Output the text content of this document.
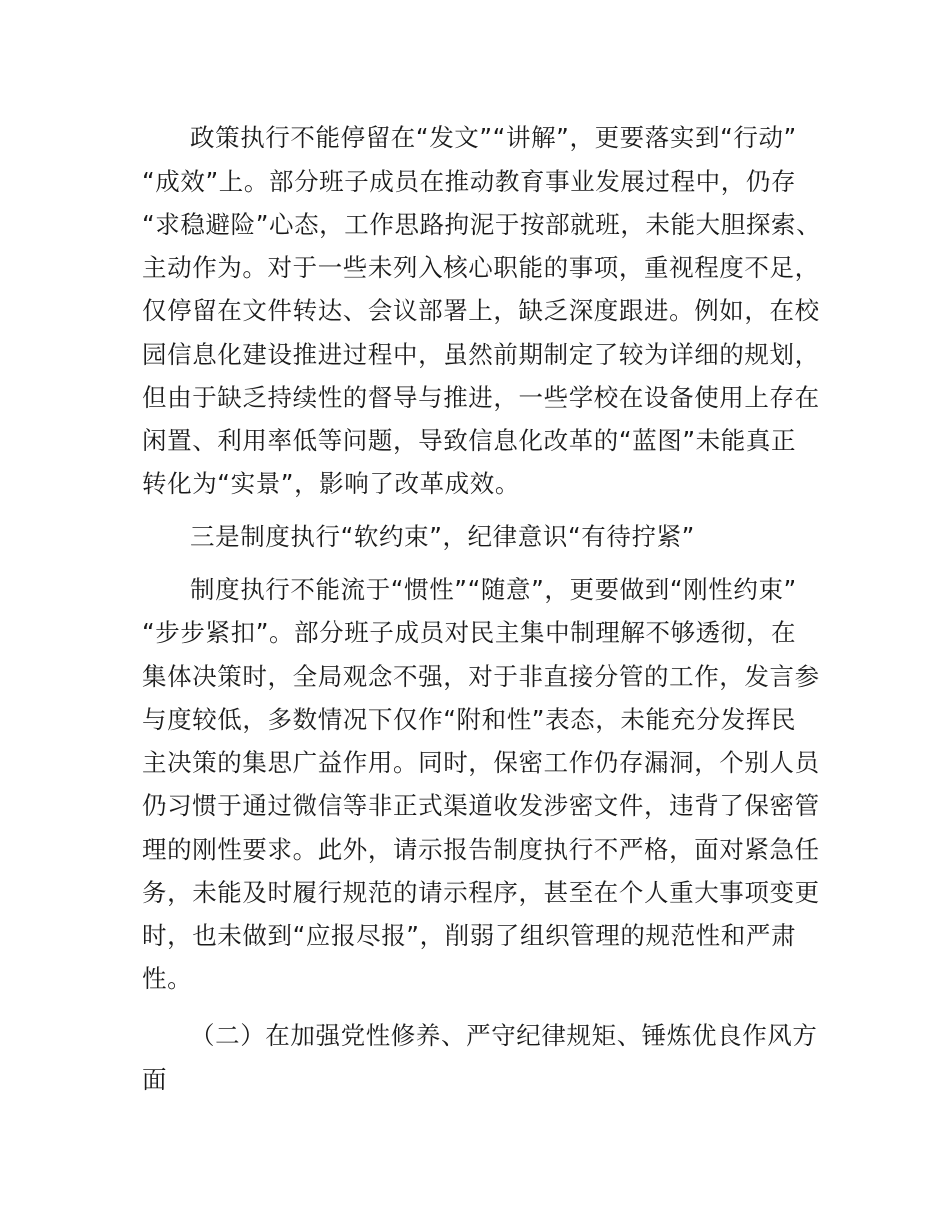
政策执行不能停留在“发文”“讲解”，更要落实到“行动”
“成效”上。部分班子成员在推动教育事业发展过程中，仍存
“求稳避险”心态，工作思路拘泥于按部就班，未能大胆探索、
主动作为。对于一些未列入核心职能的事项，重视程度不足，
仅停留在文件转达、会议部署上，缺乏深度跟进。例如，在校
园信息化建设推进过程中，虽然前期制定了较为详细的规划，
但由于缺乏持续性的督导与推进，一些学校在设备使用上存在
闲置、利用率低等问题，导致信息化改革的“蓝图”未能真正
转化为“实景”，影响了改革成效。
三是制度执行“软约束”，纪律意识“有待拧紧”
制度执行不能流于“惯性”“随意”，更要做到“刚性约束”
“步步紧扣”。部分班子成员对民主集中制理解不够透彻，在
集体决策时，全局观念不强，对于非直接分管的工作，发言参
与度较低，多数情况下仅作“附和性”表态，未能充分发挥民
主决策的集思广益作用。同时，保密工作仍存漏洞，个别人员
仍习惯于通过微信等非正式渠道收发涉密文件，违背了保密管
理的刚性要求。此外，请示报告制度执行不严格，面对紧急任
务，未能及时履行规范的请示程序，甚至在个人重大事项变更
时，也未做到“应报尽报”，削弱了组织管理的规范性和严肃
性。
（二）在加强党性修养、严守纪律规矩、锤炼优良作风方
面
